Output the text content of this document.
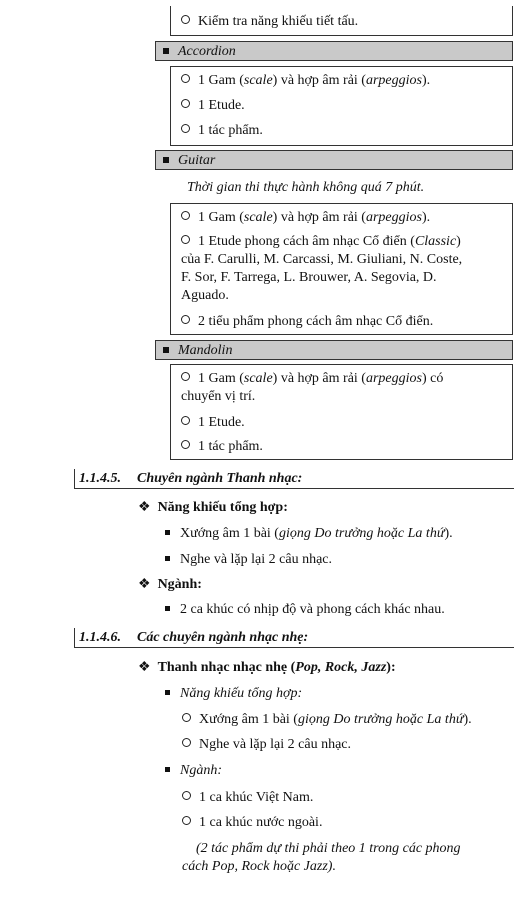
Kiểm tra năng khiếu tiết tấu.
Accordion
1 Gam (scale) và hợp âm rải (arpeggios).
1 Etude.
1 tác phẩm.
Guitar
Thời gian thi thực hành không quá 7 phút.
1 Gam (scale) và hợp âm rải (arpeggios).
1 Etude phong cách âm nhạc Cổ điển (Classic)
của F. Carulli, M. Carcassi, M. Giuliani, N. Coste,
F. Sor, F. Tarrega, L. Brouwer, A. Segovia, D.
Aguado.
2 tiểu phẩm phong cách âm nhạc Cổ điển.
Mandolin
1 Gam (scale) và hợp âm rải (arpeggios) có
chuyển vị trí.
1 Etude.
1 tác phẩm.
1.1.4.5. Chuyên ngành Thanh nhạc:
❖ Năng khiếu tổng hợp:
Xướng âm 1 bài (giọng Do trưởng hoặc La thứ).
Nghe và lặp lại 2 câu nhạc.
❖ Ngành:
2 ca khúc có nhịp độ và phong cách khác nhau.
1.1.4.6. Các chuyên ngành nhạc nhẹ:
❖ Thanh nhạc nhạc nhẹ (Pop, Rock, Jazz):
Năng khiếu tổng hợp:
Xướng âm 1 bài (giọng Do trưởng hoặc La thứ).
Nghe và lặp lại 2 câu nhạc.
Ngành:
1 ca khúc Việt Nam.
1 ca khúc nước ngoài.
(2 tác phẩm dự thi phải theo 1 trong các phong
cách Pop, Rock hoặc Jazz).
